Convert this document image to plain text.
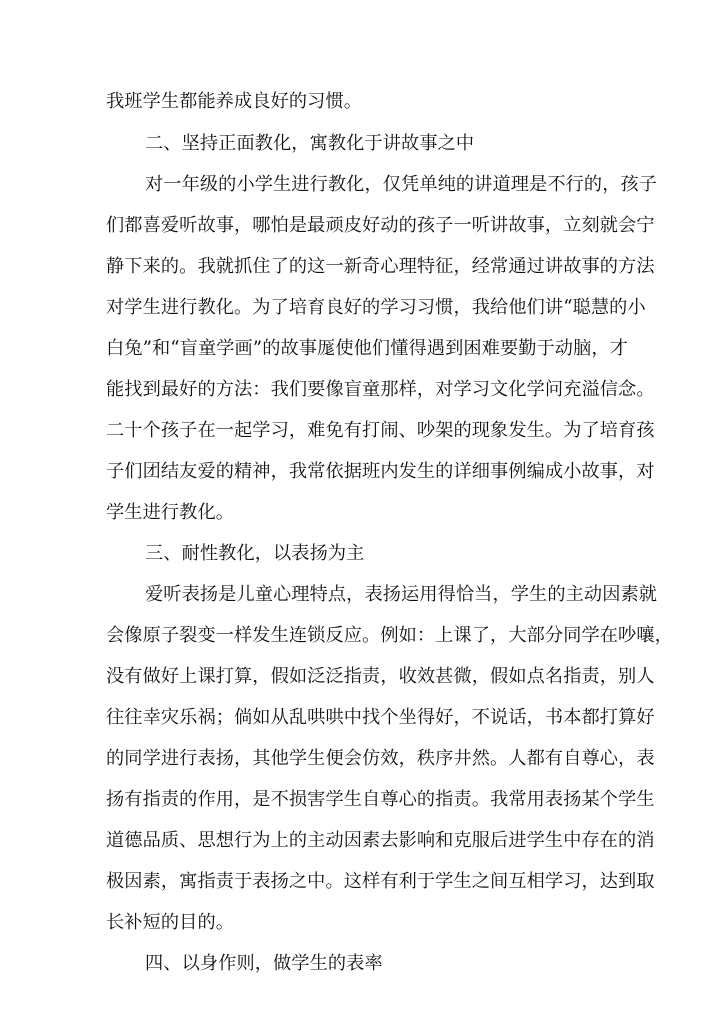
我班学生都能养成良好的习惯。
二、坚持正面教化，寓教化于讲故事之中
对一年级的小学生进行教化，仅凭单纯的讲道理是不行的，孩子
们都喜爱听故事，哪怕是最顽皮好动的孩子一听讲故事，立刻就会宁
静下来的。我就抓住了的这一新奇心理特征，经常通过讲故事的方法
对学生进行教化。为了培育良好的学习习惯，我给他们讲“聪慧的小
白兔”和“盲童学画”的故事厖使他们懂得遇到困难要勤于动脑，才
能找到最好的方法：我们要像盲童那样，对学习文化学问充溢信念。
二十个孩子在一起学习，难免有打闹、吵架的现象发生。为了培育孩
子们团结友爱的精神，我常依据班内发生的详细事例编成小故事，对
学生进行教化。
三、耐性教化，以表扬为主
爱听表扬是儿童心理特点，表扬运用得恰当，学生的主动因素就
会像原子裂变一样发生连锁反应。例如：上课了，大部分同学在吵嚷，
没有做好上课打算，假如泛泛指责，收效甚微，假如点名指责，别人
往往幸灾乐祸；倘如从乱哄哄中找个坐得好，不说话，书本都打算好
的同学进行表扬，其他学生便会仿效，秩序井然。人都有自尊心，表
扬有指责的作用，是不损害学生自尊心的指责。我常用表扬某个学生
道德品质、思想行为上的主动因素去影响和克服后进学生中存在的消
极因素，寓指责于表扬之中。这样有利于学生之间互相学习，达到取
长补短的目的。
四、以身作则，做学生的表率
